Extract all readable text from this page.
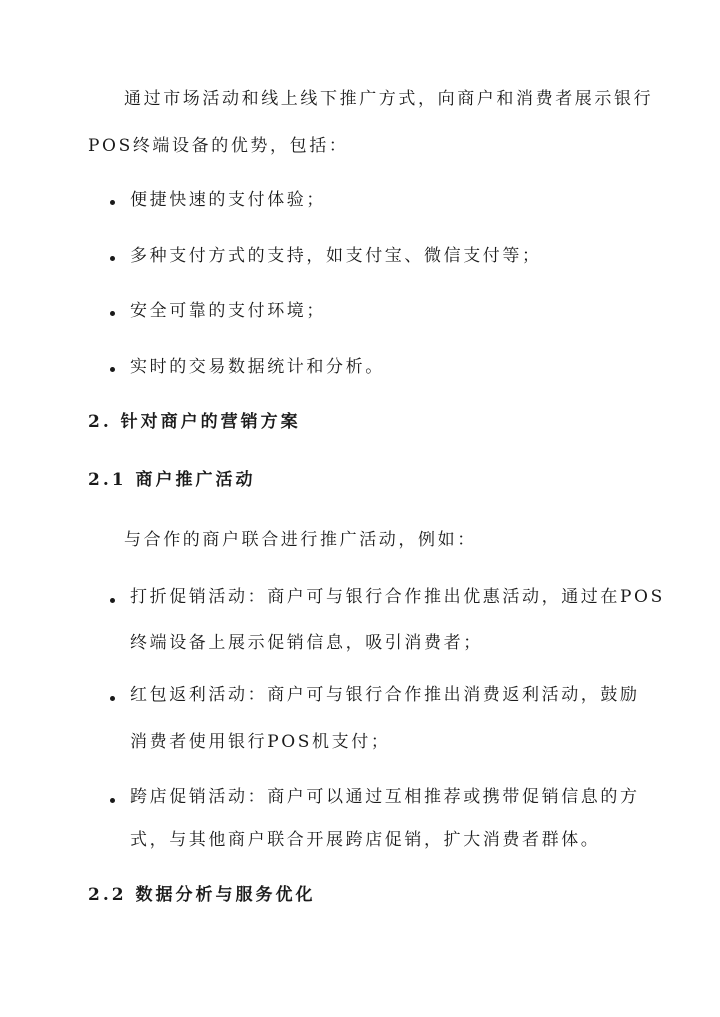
通过市场活动和线上线下推广方式，向商户和消费者展示银行
POS终端设备的优势，包括：
便捷快速的支付体验；
多种支付方式的支持，如支付宝、微信支付等；
安全可靠的支付环境；
实时的交易数据统计和分析。
2. 针对商户的营销方案
2.1 商户推广活动
与合作的商户联合进行推广活动，例如：
打折促销活动：商户可与银行合作推出优惠活动，通过在POS
终端设备上展示促销信息，吸引消费者；
红包返利活动：商户可与银行合作推出消费返利活动，鼓励
消费者使用银行POS机支付；
跨店促销活动：商户可以通过互相推荐或携带促销信息的方
式，与其他商户联合开展跨店促销，扩大消费者群体。
2.2 数据分析与服务优化
